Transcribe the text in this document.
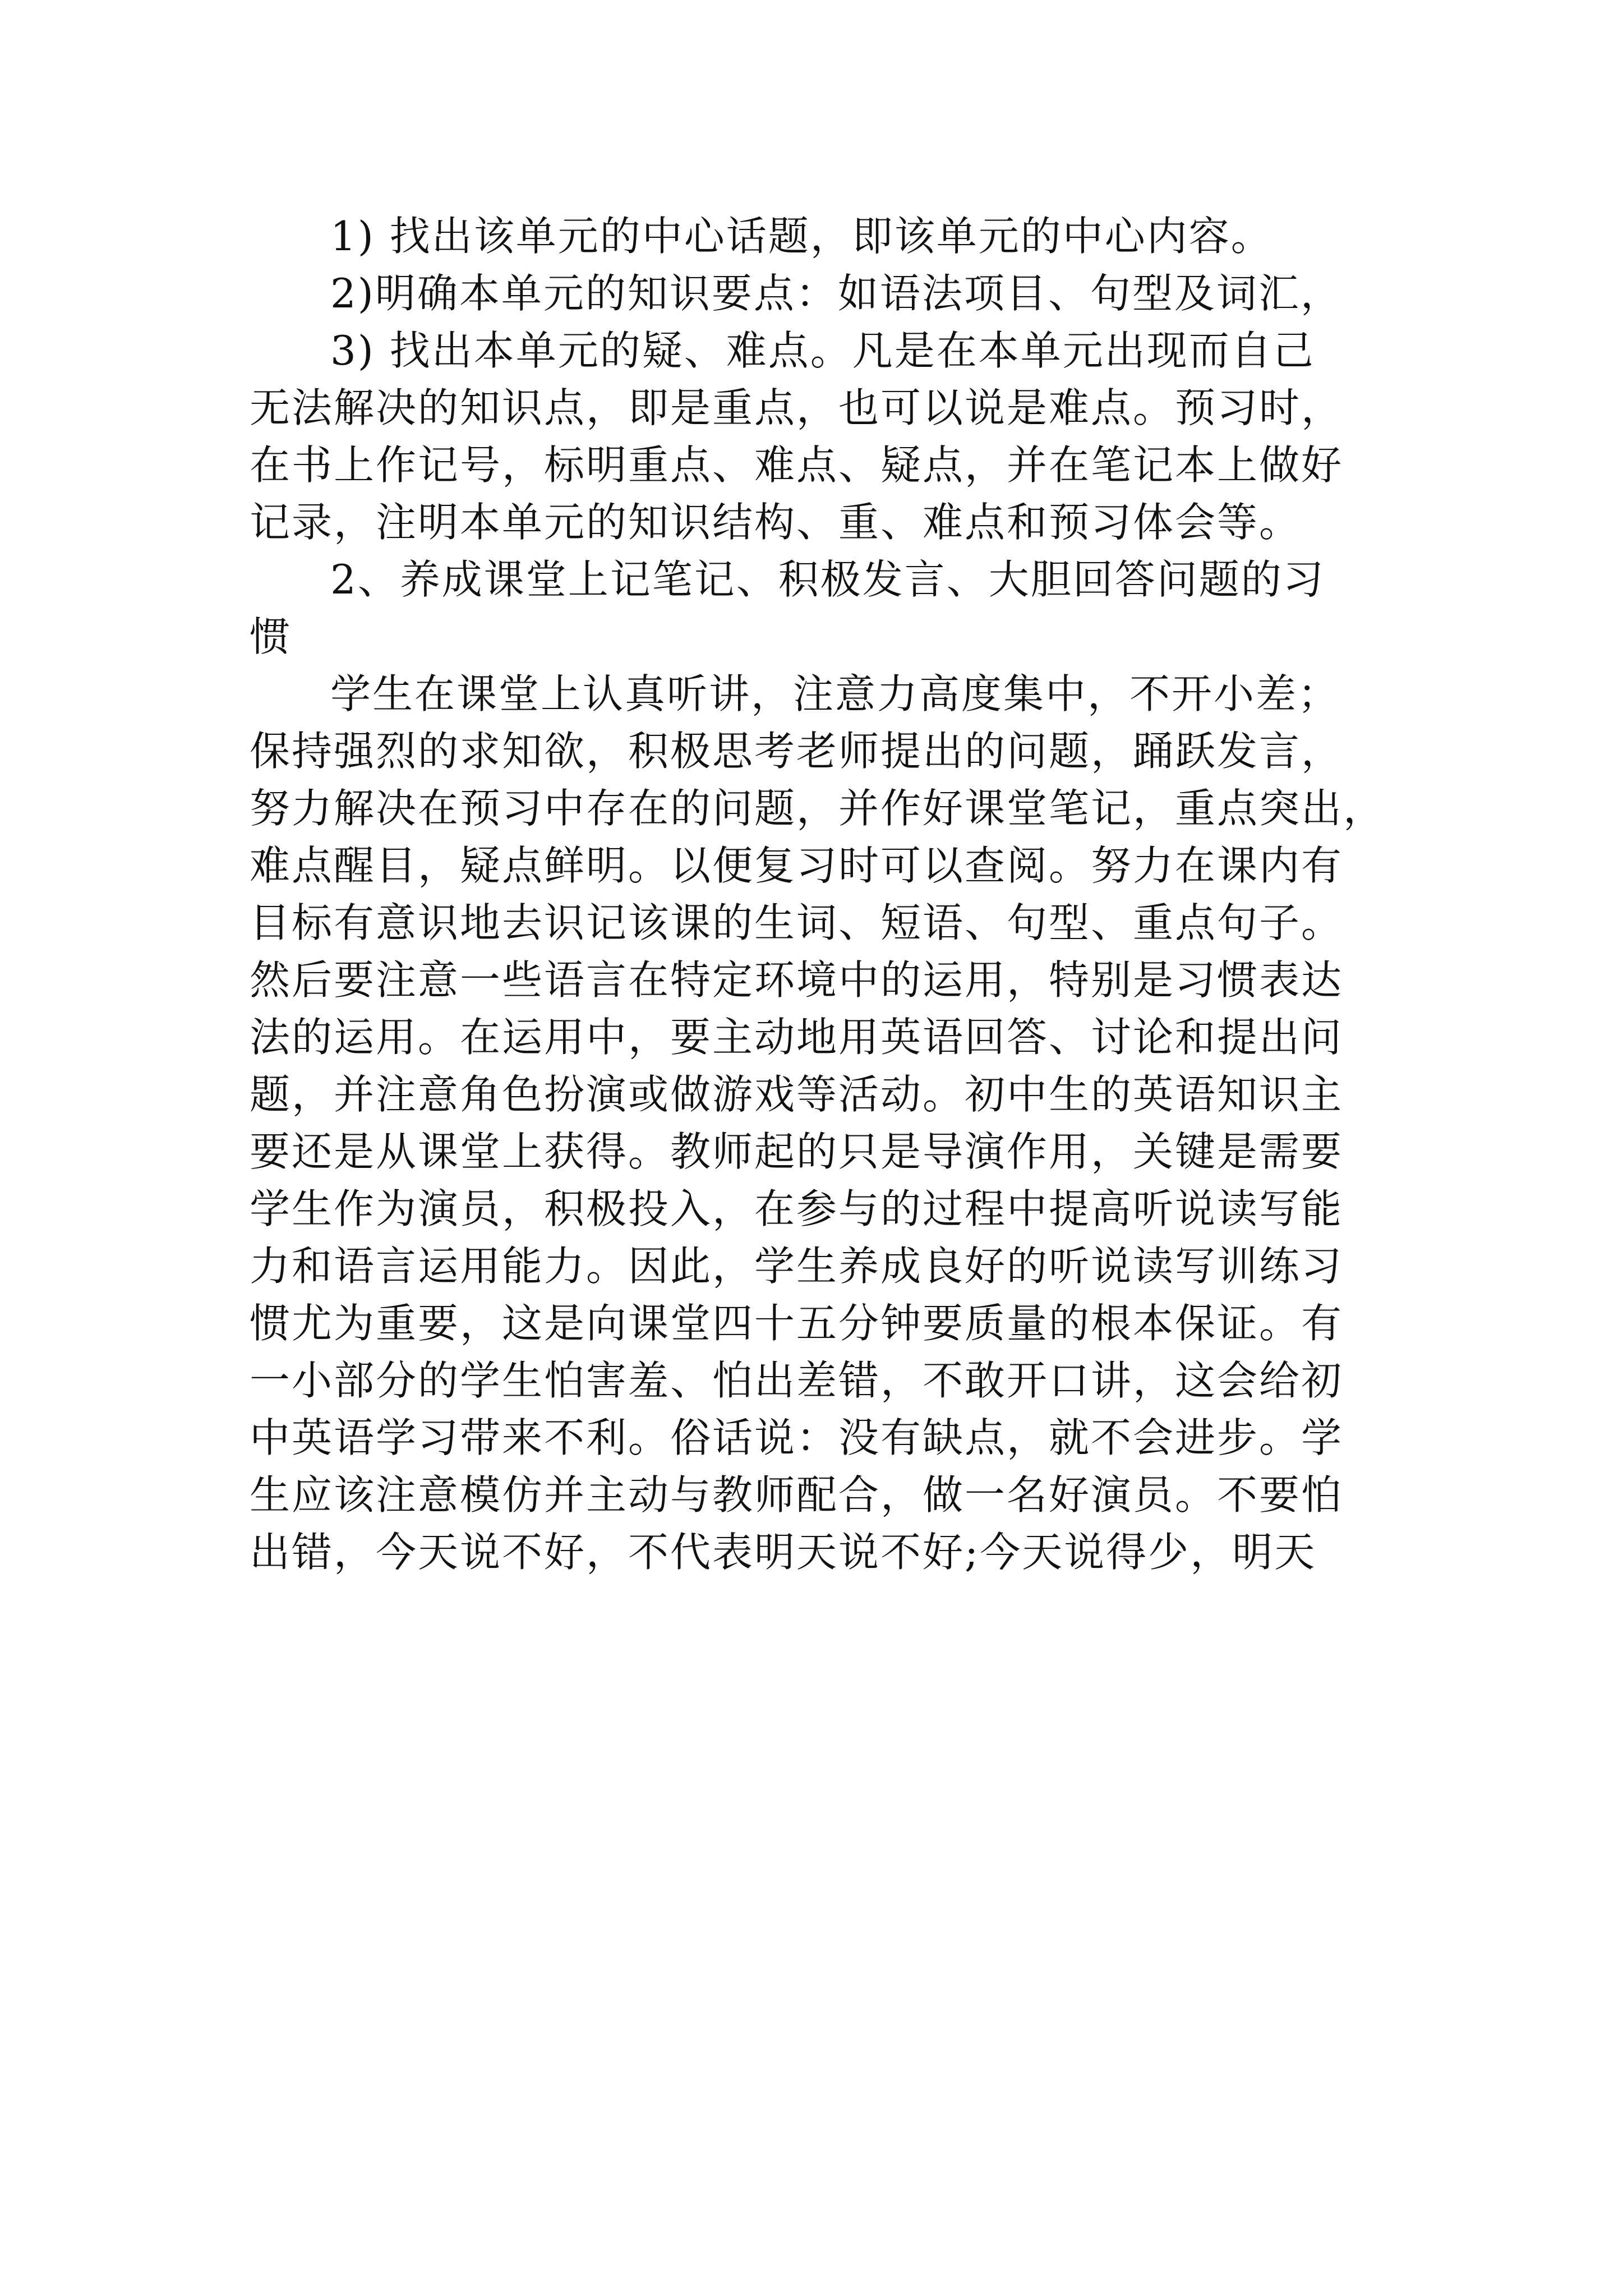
1) 找出该单元的中心话题，即该单元的中心内容。

2)明确本单元的知识要点：如语法项目、句型及词汇，

3) 找出本单元的疑、难点。凡是在本单元出现而自己

无法解决的知识点，即是重点，也可以说是难点。预习时，

在书上作记号，标明重点、难点、疑点，并在笔记本上做好

记录，注明本单元的知识结构、重、难点和预习体会等。

2、养成课堂上记笔记、积极发言、大胆回答问题的习

惯

学生在课堂上认真听讲，注意力高度集中，不开小差；

保持强烈的求知欲，积极思考老师提出的问题，踊跃发言，

努力解决在预习中存在的问题，并作好课堂笔记，重点突出，

难点醒目，疑点鲜明。以便复习时可以查阅。努力在课内有

目标有意识地去识记该课的生词、短语、句型、重点句子。

然后要注意一些语言在特定环境中的运用，特别是习惯表达

法的运用。在运用中，要主动地用英语回答、讨论和提出问

题，并注意角色扮演或做游戏等活动。初中生的英语知识主

要还是从课堂上获得。教师起的只是导演作用，关键是需要

学生作为演员，积极投入，在参与的过程中提高听说读写能

力和语言运用能力。因此，学生养成良好的听说读写训练习

惯尤为重要，这是向课堂四十五分钟要质量的根本保证。有

一小部分的学生怕害羞、怕出差错，不敢开口讲，这会给初

中英语学习带来不利。俗话说：没有缺点，就不会进步。学

生应该注意模仿并主动与教师配合，做一名好演员。不要怕

出错，今天说不好，不代表明天说不好;今天说得少，明天
